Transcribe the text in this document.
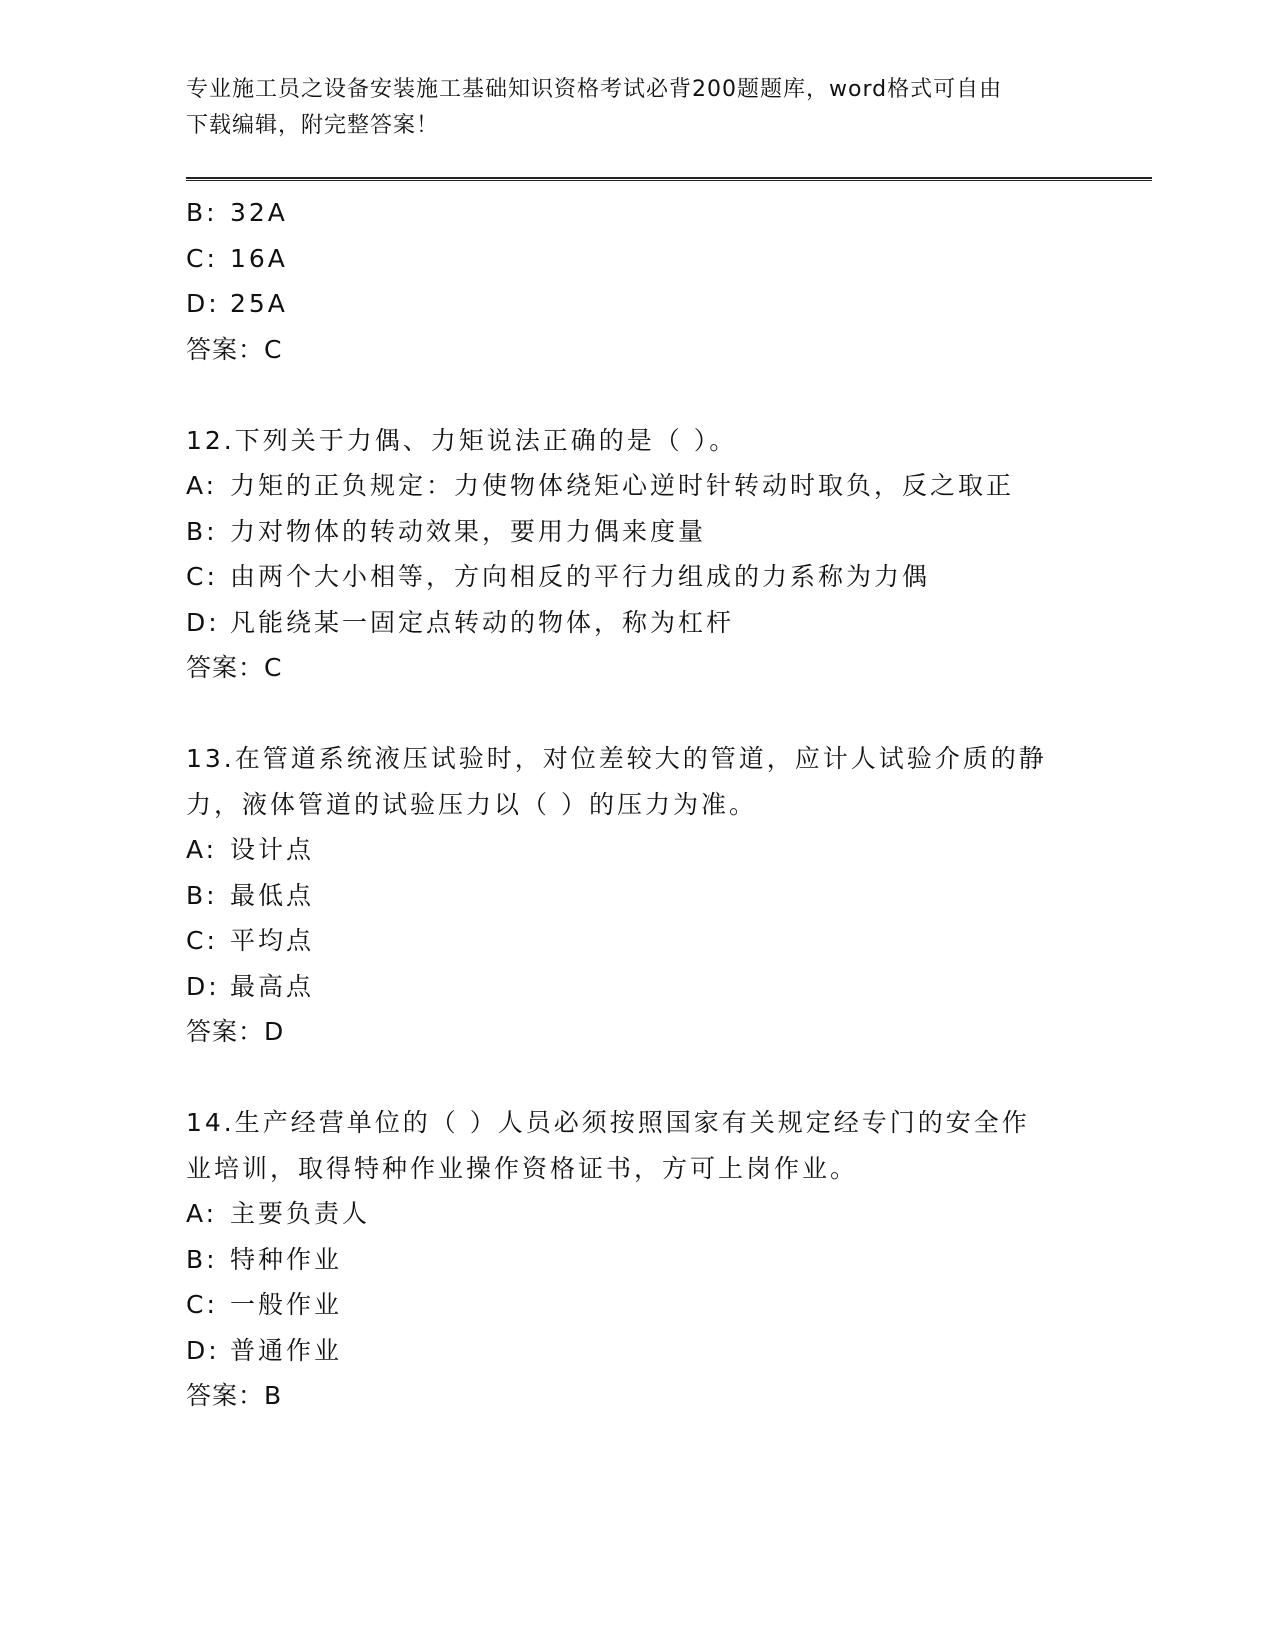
专业施工员之设备安装施工基础知识资格考试必背200题题库，word格式可自由
下载编辑，附完整答案！
B: 32A
C: 16A
D: 25A
答案：C
12.下列关于力偶、力矩说法正确的是（ ）。
A: 力矩的正负规定：力使物体绕矩心逆时针转动时取负，反之取正
B: 力对物体的转动效果，要用力偶来度量
C: 由两个大小相等，方向相反的平行力组成的力系称为力偶
D: 凡能绕某一固定点转动的物体，称为杠杆
答案：C
13.在管道系统液压试验时，对位差较大的管道，应计人试验介质的静
力，液体管道的试验压力以（ ）的压力为准。
A: 设计点
B: 最低点
C: 平均点
D: 最高点
答案：D
14.生产经营单位的（ ）人员必须按照国家有关规定经专门的安全作
业培训，取得特种作业操作资格证书，方可上岗作业。
A: 主要负责人
B: 特种作业
C: 一般作业
D: 普通作业
答案：B
